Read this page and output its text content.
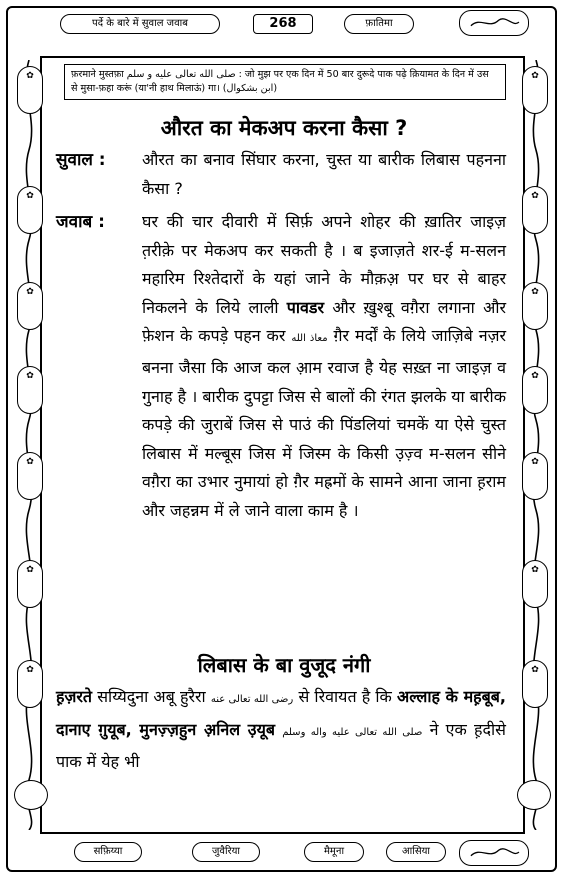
✿
✿
✿
✿
✿
✿
✿
✿
✿
✿
✿
✿
✿
✿
पर्दे के बारे में सुवाल जवाब	268	फ़ातिमा
फ़रमाने मुस्तफ़ा صلى الله تعالى عليه و سلم : जो मुझ पर एक दिन में 50 बार दुरूदे पाक पढ़े क़ियामत के दिन में उस
से मुसा-फ़हा करूं (या'नी हाथ मिलाऊं) गा। (ابن بشكوال)
औरत का मेकअप करना कैसा ?
सुवाल : औरत का बनाव सिंघार करना, चुस्त या बारीक लिबास पहनना कैसा ?
जवाब : घर की चार दीवारी में सिर्फ़ अपने शोहर की ख़ातिर जाइज़ त़रीक़े पर मेकअप कर सकती है । ब इजाज़ते शर-ई म-सलन महारिम रिश्तेदारों के यहां जाने के मौक़अ़ पर घर से बाहर निकलने के लिये लाली पावडर और ख़ुश्बू वग़ैरा लगाना और फ़ेशन के कपड़े पहन कर معاذ الله ग़ैर मर्दों के लिये जाज़िबे नज़र बनना जैसा कि आज कल आ़म रवाज है येह सख़्त ना जाइज़ व गुनाह है । बारीक दुपट्टा जिस से बालों की रंगत झलके या बारीक कपड़े की जुराबें जिस से पाउं की पिंडलियां चमकें या ऐसे चुस्त लिबास में मल्बूस जिस में जिस्म के किसी उ़ज़्व म-सलन सीने वग़ैरा का उभार नुमायां हो ग़ैर मह्रमों के सामने आना जाना ह़राम और जहन्नम में ले जाने वाला काम है ।
लिबास के बा वुजूद नंगी
ह़ज़रते सय्यिदुना अबू हुरैरा رضى الله تعالى عنه से रिवायत है कि अल्लाह के मह़बूब, दानाए ग़ुयूब, मुनज़्ज़हुन अ़निल उ़यूब صلى الله تعالى عليه واله وسلم ने एक ह़दीसे पाक में येह भी
सफ़िय्या	जुवैरिया	मैमूना	आसिया
